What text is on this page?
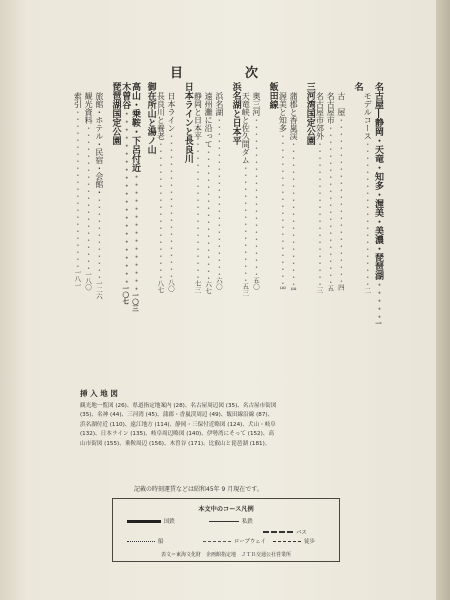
目	次
名古屋―静岡・天竜・知多・渥美・美濃・琵琶湖・・・・・一
モデルコース・・・・・・・・・・・・・・・・・・・・・二
名
古　屋・・・・・・・・・・・・・・・・・・・・・・・・四
名古屋市・・・・・・・・・・・・・・・・・・・・・・・五
名古屋市郊外・・・・・・・・・・・・・・・・・・・・・三
三河湾国定公園
蒲郡と香嵐渓・・・・・・・・・・・・・・・・・・・・・罒
渥美と知多・・・・・・・・・・・・・・・・・・・・・・罒
飯田線
奥三河・・・・・・・・・・・・・・・・・・・・・・・五〇
天竜峡と佐久間ダム・・・・・・・・・・・・・・・・・五三
浜名湖と日本平
浜名湖・・・・・・・・・・・・・・・・・・・・・・・六〇
遠州灘に沿って・・・・・・・・・・・・・・・・・・・六七
静岡と日本平・・・・・・・・・・・・・・・・・・・・七三
日本ラインと長良川
日本ライン・・・・・・・・・・・・・・・・・・・・・八〇
長良川と養老・・・・・・・・・・・・・・・・・・・・八七
御在所山と湯ノ山
高山・乗鞍・下呂付近・・・・・・・・・・・・・・・一〇三
木曽谷・・・・・・・・・・・・・・・・・・・・・・一〇七
琵琶湖国定公園
旅館・ホテル・民宿・会館・・・・・・・・・・・・・一二六
観光資料・・・・・・・・・・・・・・・・・・・・・一八〇
索引・・・・・・・・・・・・・・・・・・・・・・・一八一
挿 入 地 図
観光地一覧図 (26)、県道指定地案内 (28)、名古屋周辺図 (35)、名古屋市街図
(35)、名神 (44)、三河湾 (45)、蒲郡・香嵐渓周辺 (49)、飯田線沿線 (87)、
浜名湖付近 (110)、遠江地方 (114)、静岡・三保付近略図 (124)、犬山・岐阜
(132)、日本ライン (135)、岐阜周辺略図 (140)、伊勢湾にそって (152)、高
山市街図 (155)、乗鞍周辺 (156)、木曽谷 (171)、比叡山と琵琶湖 (181)。
記載の時刻運賃などは昭和45年 9 月現在です。
本文中のコース凡例
国鉄	私鉄
バス
船	ロープウェイ	徒歩
表文＝東海文化財　企画館指定地　ＪＴＢ交通公社営業所
